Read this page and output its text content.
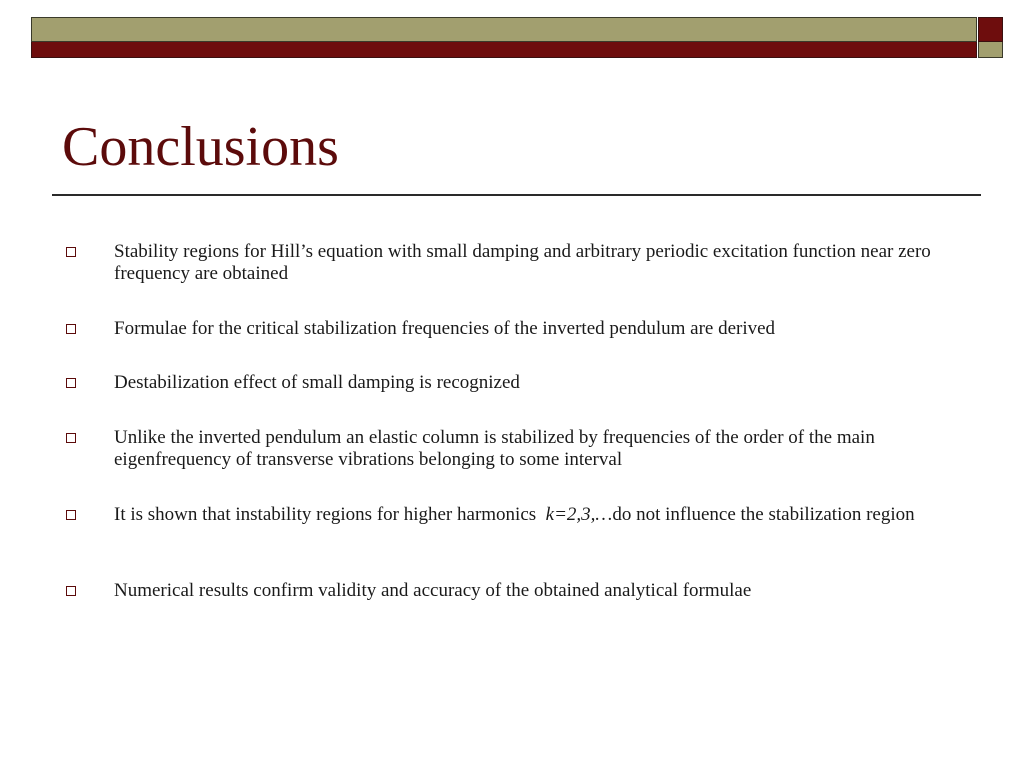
Conclusions
Stability regions for Hill’s equation with small damping and arbitrary periodic excitation function near zero frequency are obtained
Formulae for the critical stabilization frequencies of the inverted pendulum are derived
Destabilization effect of small damping is recognized
Unlike the inverted pendulum an elastic column is stabilized by frequencies of the order of the main eigenfrequency of transverse vibrations belonging to some interval
It is shown that instability regions for higher harmonics  k=2,3,…do not influence the stabilization region
Numerical results confirm validity and accuracy of the obtained analytical formulae
